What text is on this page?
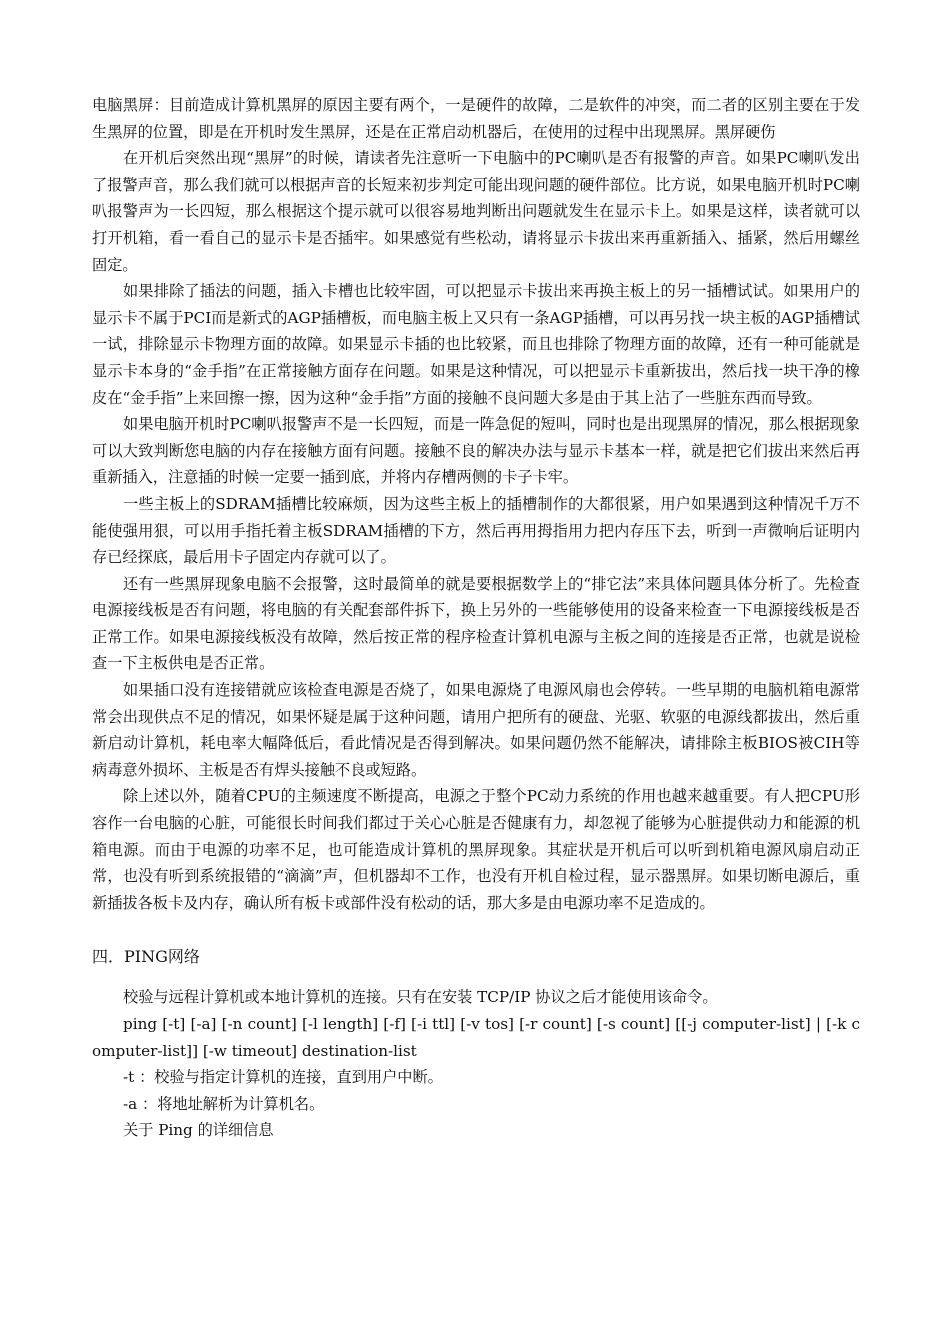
电脑黑屏：目前造成计算机黑屏的原因主要有两个，一是硬件的故障，二是软件的冲突，而二者的区别主要在于发生黑屏的位置，即是在开机时发生黑屏，还是在正常启动机器后，在使用的过程中出现黑屏。黑屏硬伤

在开机后突然出现“黑屏”的时候，请读者先注意听一下电脑中的PC喇叭是否有报警的声音。如果PC喇叭发出了报警声音，那么我们就可以根据声音的长短来初步判定可能出现问题的硬件部位。比方说，如果电脑开机时PC喇叭报警声为一长四短，那么根据这个提示就可以很容易地判断出问题就发生在显示卡上。如果是这样，读者就可以打开机箱，看一看自己的显示卡是否插牢。如果感觉有些松动，请将显示卡拔出来再重新插入、插紧，然后用螺丝固定。

如果排除了插法的问题，插入卡槽也比较牢固，可以把显示卡拔出来再换主板上的另一插槽试试。如果用户的显示卡不属于PCI而是新式的AGP插槽板，而电脑主板上又只有一条AGP插槽，可以再另找一块主板的AGP插槽试一试，排除显示卡物理方面的故障。如果显示卡插的也比较紧，而且也排除了物理方面的故障，还有一种可能就是显示卡本身的“金手指”在正常接触方面存在问题。如果是这种情况，可以把显示卡重新拔出，然后找一块干净的橡皮在“金手指”上来回擦一擦，因为这种“金手指”方面的接触不良问题大多是由于其上沾了一些脏东西而导致。

如果电脑开机时PC喇叭报警声不是一长四短，而是一阵急促的短叫，同时也是出现黑屏的情况，那么根据现象可以大致判断您电脑的内存在接触方面有问题。接触不良的解决办法与显示卡基本一样，就是把它们拔出来然后再重新插入，注意插的时候一定要一插到底，并将内存槽两侧的卡子卡牢。

一些主板上的SDRAM插槽比较麻烦，因为这些主板上的插槽制作的大都很紧，用户如果遇到这种情况千万不能使强用狠，可以用手指托着主板SDRAM插槽的下方，然后再用拇指用力把内存压下去，听到一声微响后证明内存已经探底，最后用卡子固定内存就可以了。

还有一些黑屏现象电脑不会报警，这时最简单的就是要根据数学上的“排它法”来具体问题具体分析了。先检查电源接线板是否有问题，将电脑的有关配套部件拆下，换上另外的一些能够使用的设备来检查一下电源接线板是否正常工作。如果电源接线板没有故障，然后按正常的程序检查计算机电源与主板之间的连接是否正常，也就是说检查一下主板供电是否正常。

如果插口没有连接错就应该检查电源是否烧了，如果电源烧了电源风扇也会停转。一些早期的电脑机箱电源常常会出现供点不足的情况，如果怀疑是属于这种问题，请用户把所有的硬盘、光驱、软驱的电源线都拔出，然后重新启动计算机，耗电率大幅降低后，看此情况是否得到解决。如果问题仍然不能解决，请排除主板BIOS被CIH等病毒意外损坏、主板是否有焊头接触不良或短路。

除上述以外，随着CPU的主频速度不断提高，电源之于整个PC动力系统的作用也越来越重要。有人把CPU形容作一台电脑的心脏，可能很长时间我们都过于关心心脏是否健康有力，却忽视了能够为心脏提供动力和能源的机箱电源。而由于电源的功率不足，也可能造成计算机的黑屏现象。其症状是开机后可以听到机箱电源风扇启动正常，也没有听到系统报错的“滴滴”声，但机器却不工作，也没有开机自检过程，显示器黑屏。如果切断电源后，重新插拔各板卡及内存，确认所有板卡或部件没有松动的话，那大多是由电源功率不足造成的。

四．PING网络

校验与远程计算机或本地计算机的连接。只有在安装 TCP/IP 协议之后才能使用该命令。

ping [-t] [-a] [-n count] [-l length] [-f] [-i ttl] [-v tos] [-r count] [-s count] [[-j computer-list] | [-k computer-list]] [-w timeout] destination-list

-t ：校验与指定计算机的连接，直到用户中断。

-a ：将地址解析为计算机名。

关于 Ping 的详细信息
